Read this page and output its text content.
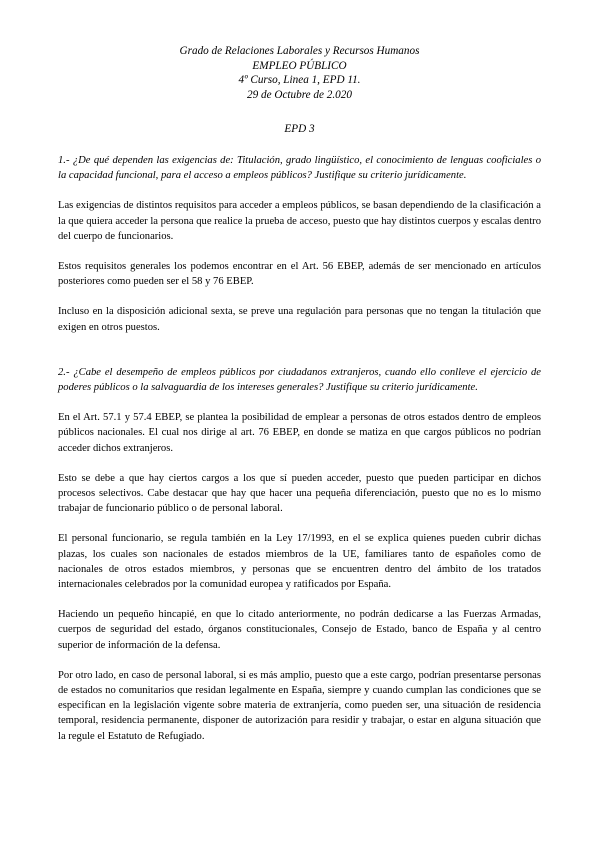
Grado de Relaciones Laborales y Recursos Humanos
EMPLEO PÚBLICO
4º Curso, Linea 1, EPD 11.
29 de Octubre de 2.020
EPD 3

1.- ¿De qué dependen las exigencias de: Titulación, grado lingüístico, el conocimiento de lenguas cooficiales o la capacidad funcional, para el acceso a empleos públicos? Justifique su criterio jurídicamente.

Las exigencias de distintos requisitos para acceder a empleos públicos, se basan dependiendo de la clasificación a la que quiera acceder la persona que realice la prueba de acceso, puesto que hay distintos cuerpos y escalas dentro del cuerpo de funcionarios.

Estos requisitos generales los podemos encontrar en el Art. 56 EBEP, además de ser mencionado en artículos posteriores como pueden ser el 58 y 76 EBEP.

Incluso en la disposición adicional sexta, se preve una regulación para personas que no tengan la titulación que exigen en otros puestos.

2.- ¿Cabe el desempeño de empleos públicos por ciudadanos extranjeros, cuando ello conlleve el ejercicio de poderes públicos o la salvaguardia de los intereses generales? Justifique su criterio jurídicamente.

En el Art. 57.1 y 57.4 EBEP, se plantea la posibilidad de emplear a personas de otros estados dentro de empleos públicos nacionales. El cual nos dirige al art. 76 EBEP, en donde se matiza en que cargos públicos no podrían acceder dichos extranjeros.

Esto se debe a que hay ciertos cargos a los que sí pueden acceder, puesto que pueden participar en dichos procesos selectivos. Cabe destacar que hay que hacer una pequeña diferenciación, puesto que no es lo mismo trabajar de funcionario público o de personal laboral.

El personal funcionario, se regula también en la Ley 17/1993, en el se explica quienes pueden cubrir dichas plazas, los cuales son nacionales de estados miembros de la UE, familiares tanto de españoles como de nacionales de otros estados miembros, y personas que se encuentren dentro del ámbito de los tratados internacionales celebrados por la comunidad europea y ratificados por España.

Haciendo un pequeño hincapié, en que lo citado anteriormente, no podrán dedicarse a las Fuerzas Armadas, cuerpos de seguridad del estado, órganos constitucionales, Consejo de Estado, banco de España y al centro superior de información de la defensa.

Por otro lado, en caso de personal laboral, si es más amplio, puesto que a este cargo, podrían presentarse personas de estados no comunitarios que residan legalmente en España, siempre y cuando cumplan las condiciones que se especifican en la legislación vigente sobre materia de extranjería, como pueden ser, una situación de residencia temporal, residencia permanente, disponer de autorización para residir y trabajar, o estar en alguna situación que la regule el Estatuto de Refugiado.
